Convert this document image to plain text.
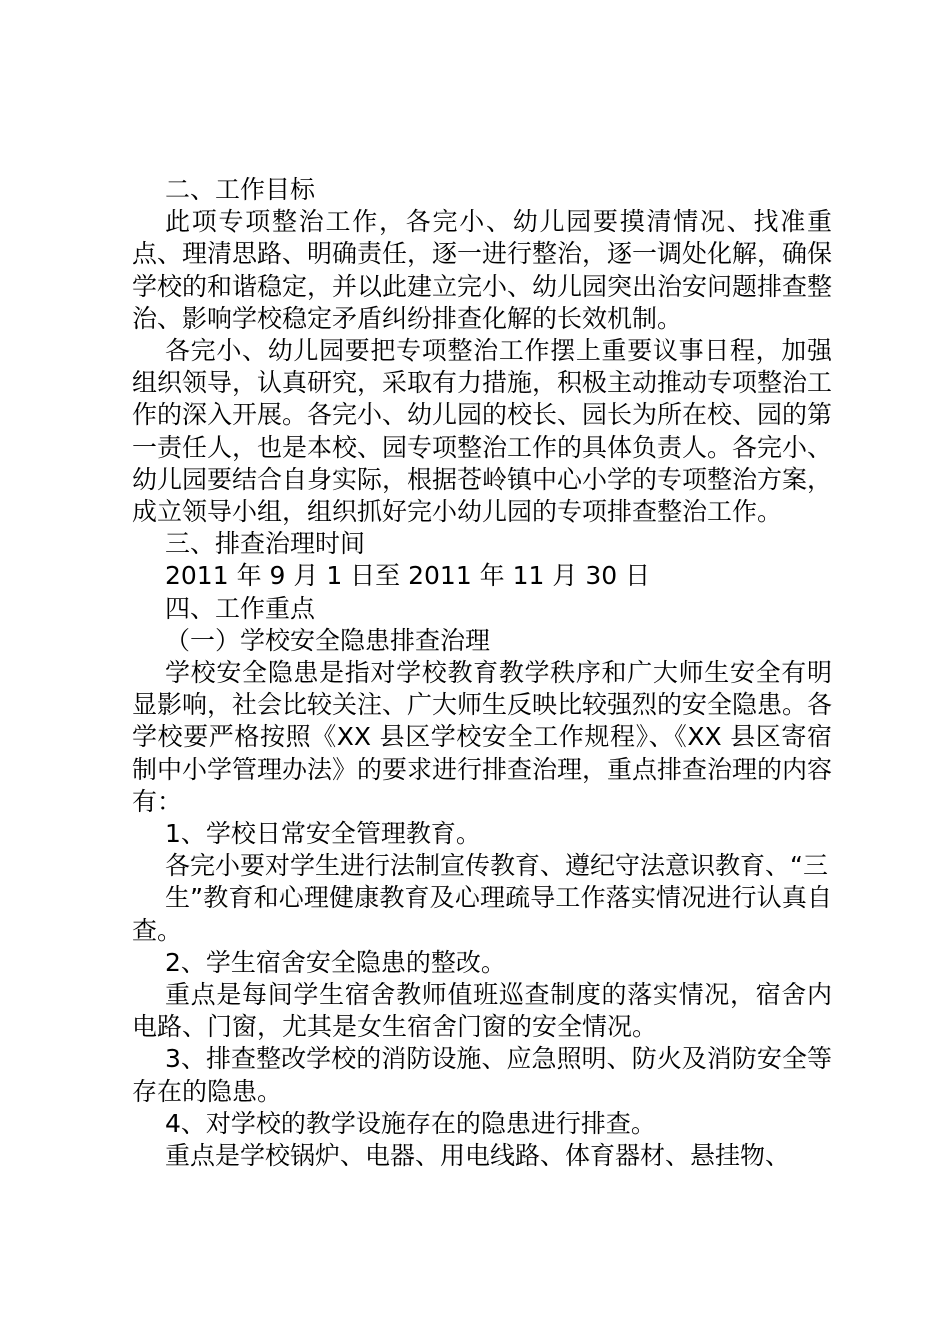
二、工作目标

此项专项整治工作，各完小、幼儿园要摸清情况、找准重点、理清思路、明确责任，逐一进行整治，逐一调处化解，确保学校的和谐稳定，并以此建立完小、幼儿园突出治安问题排查整治、影响学校稳定矛盾纠纷排查化解的长效机制。

各完小、幼儿园要把专项整治工作摆上重要议事日程，加强组织领导，认真研究，采取有力措施，积极主动推动专项整治工作的深入开展。各完小、幼儿园的校长、园长为所在校、园的第一责任人，也是本校、园专项整治工作的具体负责人。各完小、幼儿园要结合自身实际，根据苍岭镇中心小学的专项整治方案，成立领导小组，组织抓好完小幼儿园的专项排查整治工作。

三、排查治理时间

2011 年 9 月 1 日至 2011 年 11 月 30 日

四、工作重点

（一）学校安全隐患排查治理

学校安全隐患是指对学校教育教学秩序和广大师生安全有明显影响，社会比较关注、广大师生反映比较强烈的安全隐患。各学校要严格按照《XX 县区学校安全工作规程》、《XX 县区寄宿制中小学管理办法》的要求进行排查治理，重点排查治理的内容有：

1、学校日常安全管理教育。

各完小要对学生进行法制宣传教育、遵纪守法意识教育、“三

生”教育和心理健康教育及心理疏导工作落实情况进行认真自查。

2、学生宿舍安全隐患的整改。

重点是每间学生宿舍教师值班巡查制度的落实情况，宿舍内电路、门窗，尤其是女生宿舍门窗的安全情况。

3、排查整改学校的消防设施、应急照明、防火及消防安全等存在的隐患。

4、对学校的教学设施存在的隐患进行排查。

重点是学校锅炉、电器、用电线路、体育器材、悬挂物、
